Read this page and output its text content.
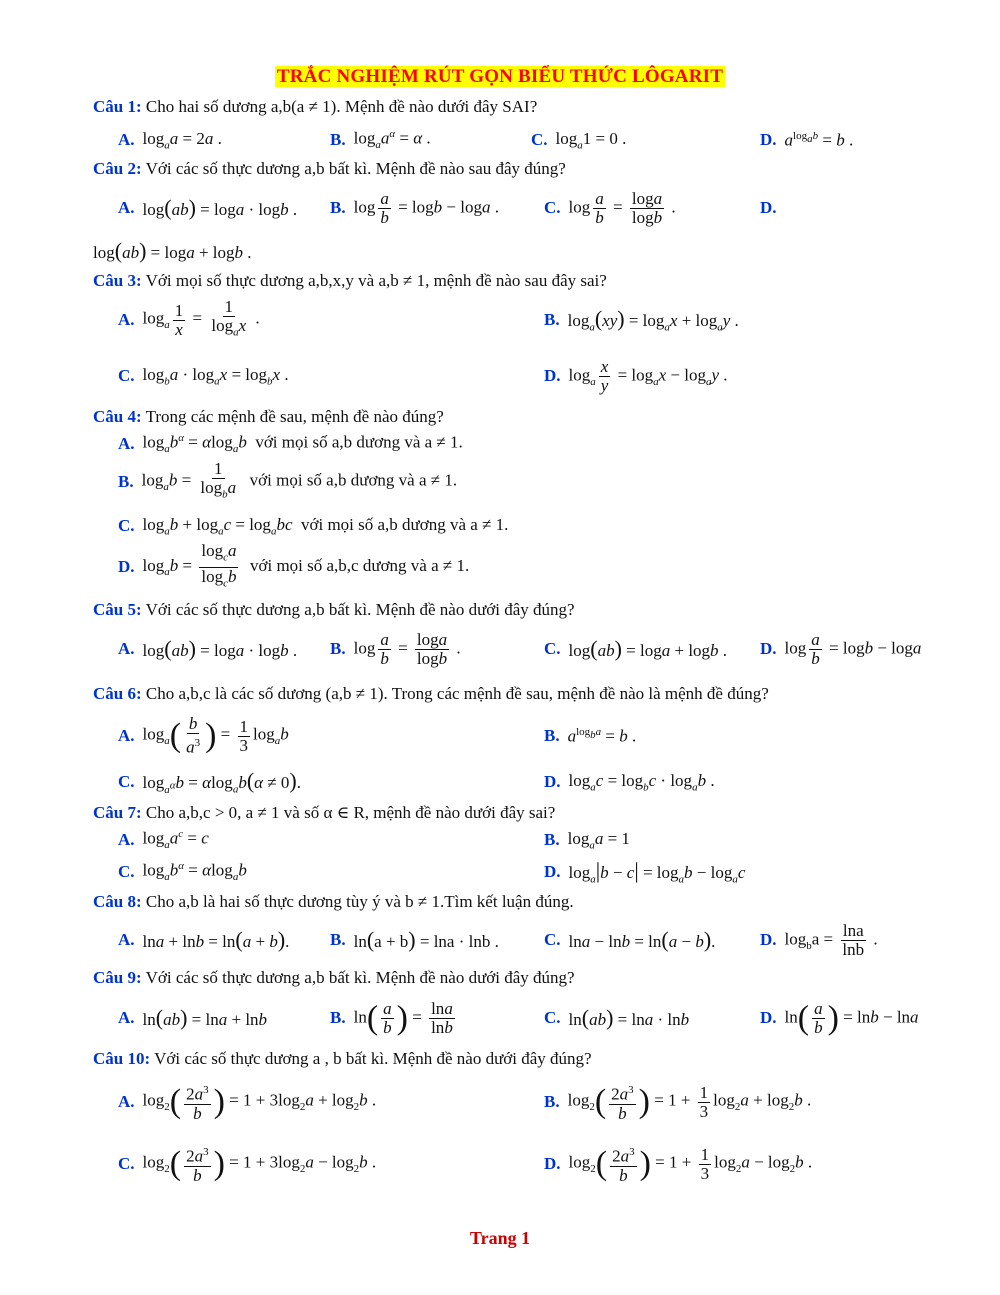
TRẮC NGHIỆM RÚT GỌN BIỂU THỨC LÔGARIT
Câu 1: Cho hai số dương a,b(a ≠ 1). Mệnh đề nào dưới đây SAI?
A. $\log_aa = 2a$ .	B. $\log_aa^\alpha = \alpha$ .	C. $\log_a1 = 0$ .	D. $a^{log_ab} = b$ .
Câu 2: Với các số thực dương a,b bất kì. Mệnh đề nào sau đây đúng?
A. log(ab) = loga · logb . B. $\log \frac{a}{b} = \log b - \log a$ .	C. $\log \frac{a}{b} = \frac{\log a}{\log b}$ .	D.
log(ab) = loga + logb .
Câu 3: Với mọi số thực dương a,b,x,y và a,b ≠ 1, mệnh đề nào sau đây sai?
A. $\log_a \frac{1}{x} = \frac{1}{\log_ax}$ .	B. $\log_a(xy) = \log_ax + \log_ay$ .
C. $\log_ba \cdot \log_ax = \log_bx$ .	D. $\log_a \frac{x}{y} = \log_ax - \log_ay$ .
Câu 4: Trong các mệnh đề sau, mệnh đề nào đúng?
A. $\log_ab^\alpha = \alpha\log_ab$ với mọi số a,b dương và a ≠ 1.
B. $\log_ab = \frac{1}{\log_ba}$ với mọi số a,b dương và a ≠ 1.
C. $\log_ab + \log_ac = \log_abc$ với mọi số a,b dương và a ≠ 1.
D. $\log_ab = \frac{\log_ca}{\log_cb}$ với mọi số a,b,c dương và a ≠ 1.
Câu 5: Với các số thực dương a,b bất kì. Mệnh đề nào dưới đây đúng?
A. log(ab) = loga · logb . B. $\log \frac{a}{b} = \frac{\log a}{\log b}$ .	C. log(ab) = loga + logb . D. $\log \frac{a}{b} = \log b - \log a$
Câu 6: Cho a,b,c là các số dương (a,b ≠ 1). Trong các mệnh đề sau, mệnh đề nào là mệnh đề đúng?
A. $\log_a( \frac{b}{a^3}$ ) = $\frac{1}{3} \log_ab$	B. $a^{log_ba} = b$ .
C. $\log_{a^\alpha}b = \alpha\log_ab(\alpha \ne 0)$.	D. $\log_ac = \log_bc \cdot \log_ab$ .
Câu 7: Cho a,b,c > 0, a ≠ 1 và số α ∈ R, mệnh đề nào dưới đây sai?
A. $\log_aa^c = c$	B. $\log_aa = 1$
C. $\log_ab^\alpha = \alpha\log_ab$	D. $\log_a|b - c| = \log_ab - \log_ac$
Câu 8: Cho a,b là hai số thực dương tùy ý và b ≠ 1.Tìm kết luận đúng.
A. lna + lnb = ln(a + b). B. ln(a + b) = lna · lnb .	C. lna − lnb = ln(a − b).	D. $\log_ba = \frac{\ln a}{\ln b}$ .
Câu 9: Với các số thực dương a,b bất kì. Mệnh đề nào dưới đây đúng?
A. ln(ab) = lna + lnb	B. $\ln( \frac{a}{b}$ ) = $\frac{\ln a}{\ln b}$	C. ln(ab) = lna · lnb	D. $\ln( \frac{a}{b}$ ) = lnb − lna
Câu 10: Với các số thực dương a , b bất kì. Mệnh đề nào dưới đây đúng?
A. $\log_2( \frac{2a^3}{b}$ ) = $1 + 3\log_2a + \log_2b$ .	B. $\log_2( \frac{2a^3}{b}$ ) = $1 + \frac{1}{3} \log_2a + \log_2b$ .
C. $\log_2( \frac{2a^3}{b}$ ) = $1 + 3\log_2a - \log_2b$ .	D. $\log_2( \frac{2a^3}{b}$ ) = $1 + \frac{1}{3} \log_2a - \log_2b$ .
Trang 1
